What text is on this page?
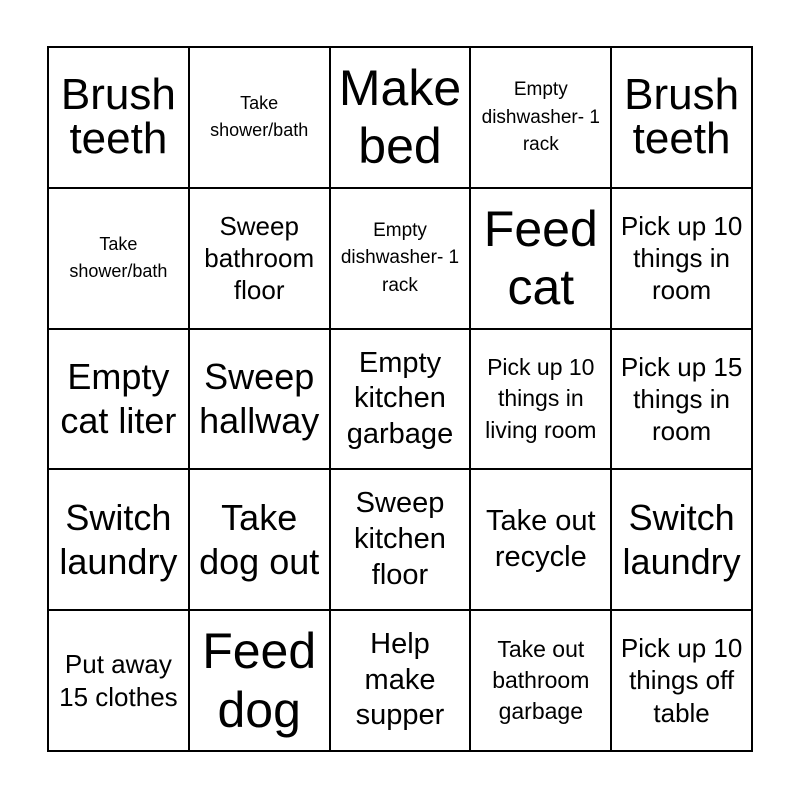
Brush teeth
Take shower/bath
Make bed
Empty dishwasher- 1 rack
Brush teeth
Take shower/bath
Sweep bathroom floor
Empty dishwasher- 1 rack
Feed cat
Pick up 10 things in room
Empty cat liter
Sweep hallway
Empty kitchen garbage
Pick up 10 things in living room
Pick up 15 things in room
Switch laundry
Take dog out
Sweep kitchen floor
Take out recycle
Switch laundry
Put away 15 clothes
Feed dog
Help make supper
Take out bathroom garbage
Pick up 10 things off table
